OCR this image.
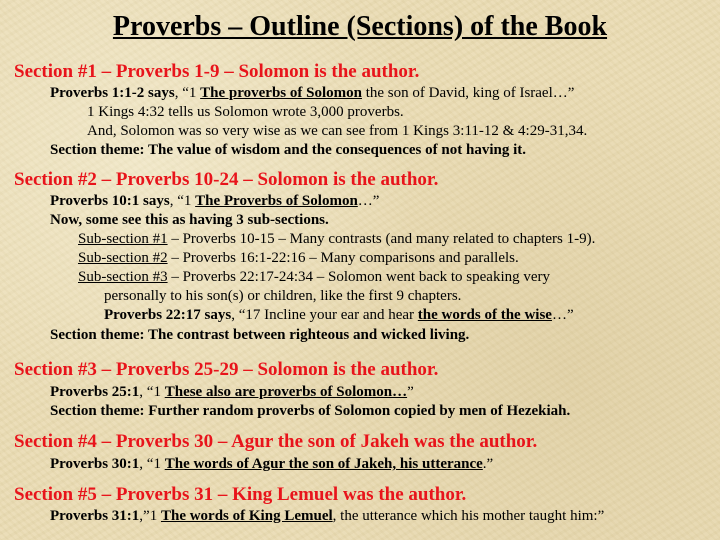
Proverbs – Outline (Sections) of the Book
Section #1 – Proverbs 1-9 – Solomon is the author.
Proverbs 1:1-2 says, “1 The proverbs of Solomon the son of David, king of Israel…”
1 Kings 4:32 tells us Solomon wrote 3,000 proverbs.
And, Solomon was so very wise as we can see from 1 Kings 3:11-12 & 4:29-31,34.
Section theme: The value of wisdom and the consequences of not having it.
Section #2 – Proverbs 10-24 – Solomon is the author.
Proverbs 10:1 says, “1 The Proverbs of Solomon…”
Now, some see this as having 3 sub-sections.
Sub-section #1 – Proverbs 10-15 – Many contrasts (and many related to chapters 1-9).
Sub-section #2 – Proverbs 16:1-22:16 – Many comparisons and parallels.
Sub-section #3 – Proverbs 22:17-24:34 – Solomon went back to speaking very
personally to his son(s) or children, like the first 9 chapters.
Proverbs 22:17 says, “17 Incline your ear and hear the words of the wise…”
Section theme: The contrast between righteous and wicked living.
Section #3 – Proverbs 25-29 – Solomon is the author.
Proverbs 25:1, “1 These also are proverbs of Solomon…”
Section theme: Further random proverbs of Solomon copied by men of Hezekiah.
Section #4 – Proverbs 30 – Agur the son of Jakeh was the author.
Proverbs 30:1, “1 The words of Agur the son of Jakeh, his utterance.”
Section #5 – Proverbs 31 – King Lemuel was the author.
Proverbs 31:1,”1 The words of King Lemuel, the utterance which his mother taught him:”
